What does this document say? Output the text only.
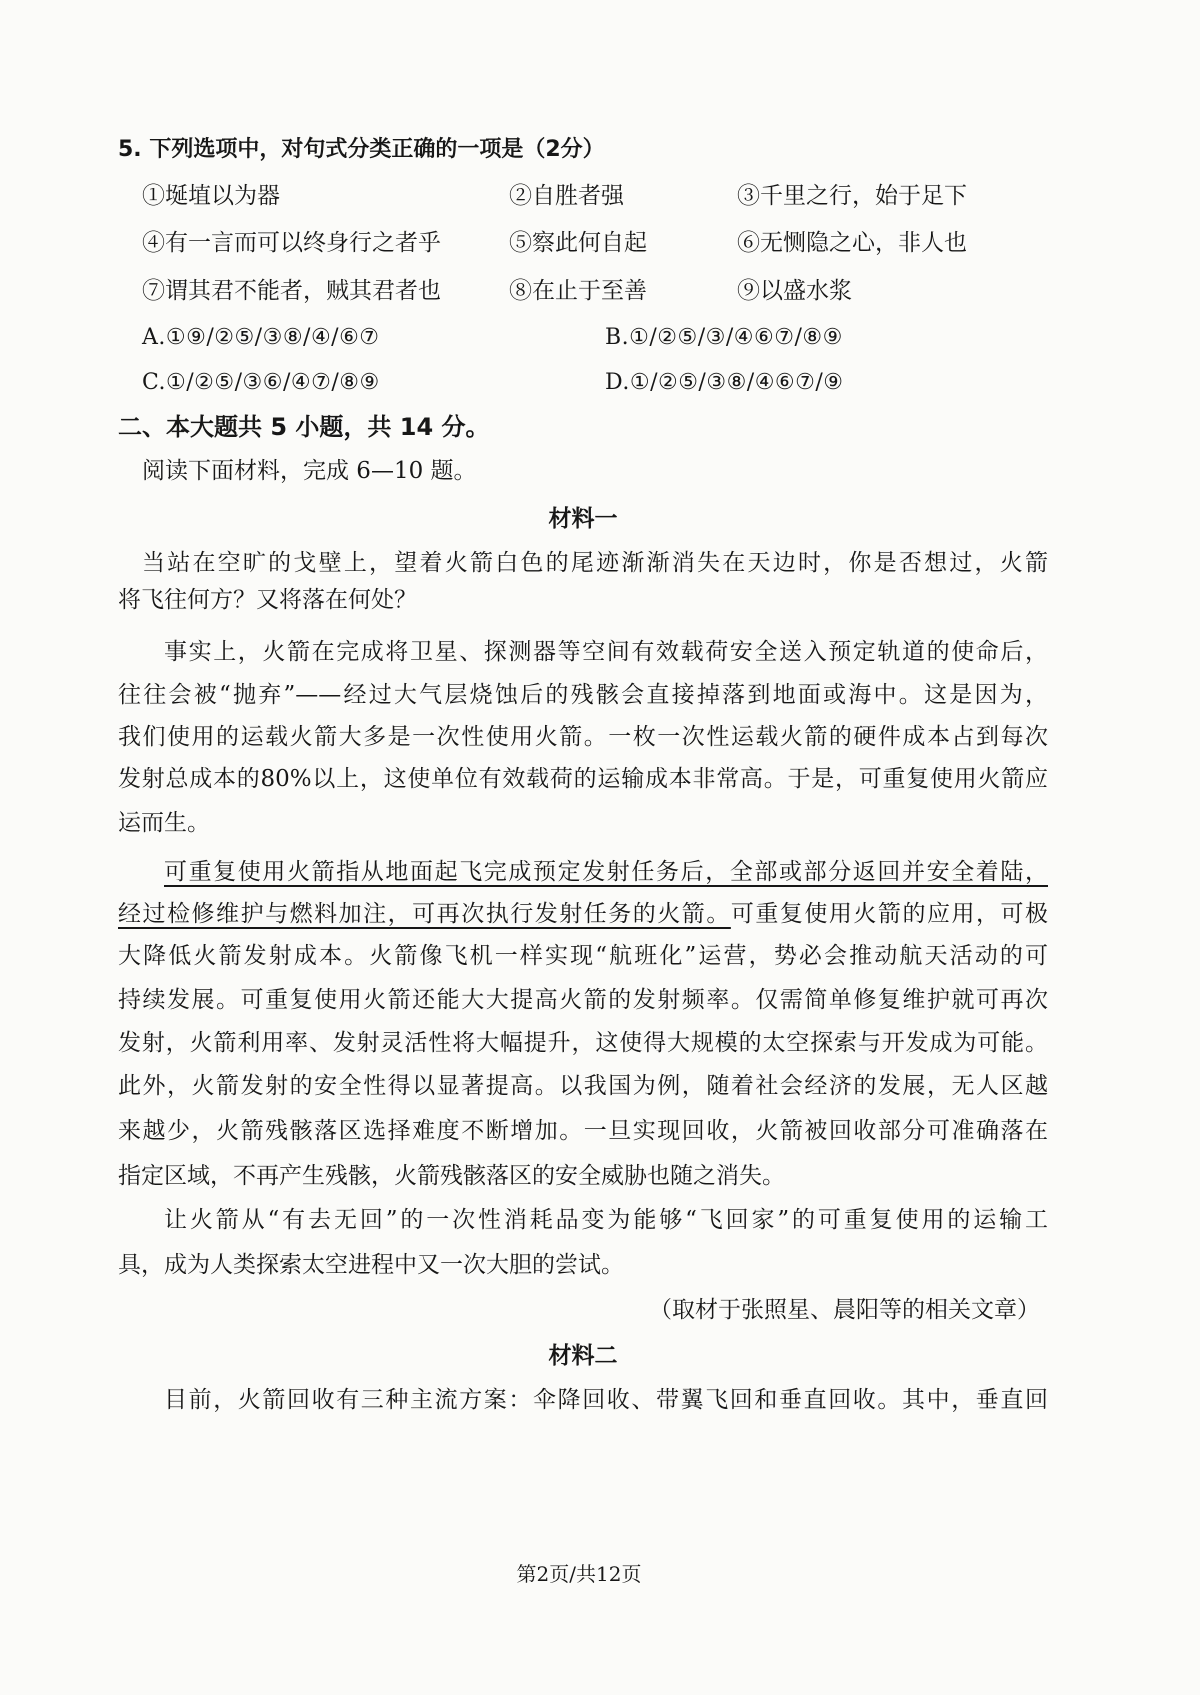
5. 下列选项中，对句式分类正确的一项是（2分）
①埏埴以为器	②自胜者强	③千里之行，始于足下
④有一言而可以终身行之者乎	⑤察此何自起	⑥无恻隐之心，非人也
⑦谓其君不能者，贼其君者也	⑧在止于至善	⑨以盛水浆
A.①⑨/②⑤/③⑧/④/⑥⑦	B.①/②⑤/③/④⑥⑦/⑧⑨
C.①/②⑤/③⑥/④⑦/⑧⑨	D.①/②⑤/③⑧/④⑥⑦/⑨
二、本大题共 5 小题，共 14 分。
阅读下面材料，完成 6—10 题。
材料一
当站在空旷的戈壁上，望着火箭白色的尾迹渐渐消失在天边时，你是否想过，火箭
将飞往何方？又将落在何处？
事实上，火箭在完成将卫星、探测器等空间有效载荷安全送入预定轨道的使命后，
往往会被“抛弃”——经过大气层烧蚀后的残骸会直接掉落到地面或海中。这是因为，
我们使用的运载火箭大多是一次性使用火箭。一枚一次性运载火箭的硬件成本占到每次
发射总成本的80%以上，这使单位有效载荷的运输成本非常高。于是，可重复使用火箭应
运而生。
可重复使用火箭指从地面起飞完成预定发射任务后，全部或部分返回并安全着陆，
经过检修维护与燃料加注，可再次执行发射任务的火箭。可重复使用火箭的应用，可极
大降低火箭发射成本。火箭像飞机一样实现“航班化”运营，势必会推动航天活动的可
持续发展。可重复使用火箭还能大大提高火箭的发射频率。仅需简单修复维护就可再次
发射，火箭利用率、发射灵活性将大幅提升，这使得大规模的太空探索与开发成为可能。
此外，火箭发射的安全性得以显著提高。以我国为例，随着社会经济的发展，无人区越
来越少，火箭残骸落区选择难度不断增加。一旦实现回收，火箭被回收部分可准确落在
指定区域，不再产生残骸，火箭残骸落区的安全威胁也随之消失。
让火箭从“有去无回”的一次性消耗品变为能够“飞回家”的可重复使用的运输工
具，成为人类探索太空进程中又一次大胆的尝试。
（取材于张照星、晨阳等的相关文章）
材料二
目前，火箭回收有三种主流方案：伞降回收、带翼飞回和垂直回收。其中，垂直回
第2页/共12页
